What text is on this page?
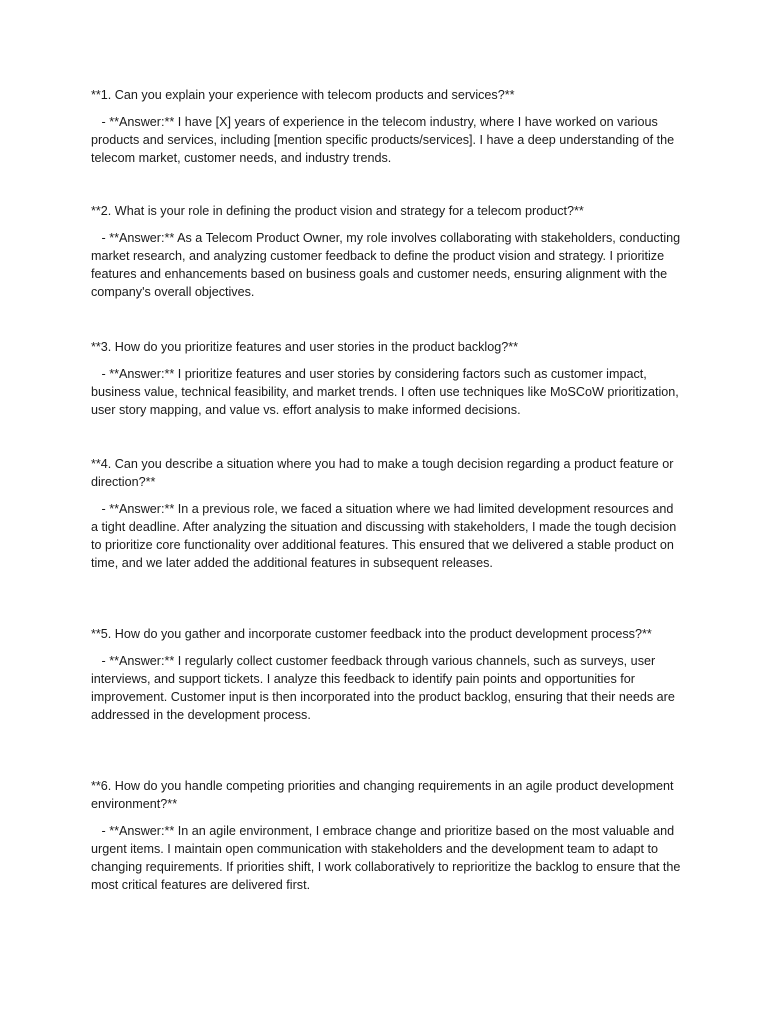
**1. Can you explain your experience with telecom products and services?**

- **Answer:** I have [X] years of experience in the telecom industry, where I have worked on various products and services, including [mention specific products/services]. I have a deep understanding of the telecom market, customer needs, and industry trends.

**2. What is your role in defining the product vision and strategy for a telecom product?**

- **Answer:** As a Telecom Product Owner, my role involves collaborating with stakeholders, conducting market research, and analyzing customer feedback to define the product vision and strategy. I prioritize features and enhancements based on business goals and customer needs, ensuring alignment with the company's overall objectives.

**3. How do you prioritize features and user stories in the product backlog?**

- **Answer:** I prioritize features and user stories by considering factors such as customer impact, business value, technical feasibility, and market trends. I often use techniques like MoSCoW prioritization, user story mapping, and value vs. effort analysis to make informed decisions.

**4. Can you describe a situation where you had to make a tough decision regarding a product feature or direction?**

- **Answer:** In a previous role, we faced a situation where we had limited development resources and a tight deadline. After analyzing the situation and discussing with stakeholders, I made the tough decision to prioritize core functionality over additional features. This ensured that we delivered a stable product on time, and we later added the additional features in subsequent releases.

**5. How do you gather and incorporate customer feedback into the product development process?**

- **Answer:** I regularly collect customer feedback through various channels, such as surveys, user interviews, and support tickets. I analyze this feedback to identify pain points and opportunities for improvement. Customer input is then incorporated into the product backlog, ensuring that their needs are addressed in the development process.

**6. How do you handle competing priorities and changing requirements in an agile product development environment?**

- **Answer:** In an agile environment, I embrace change and prioritize based on the most valuable and urgent items. I maintain open communication with stakeholders and the development team to adapt to changing requirements. If priorities shift, I work collaboratively to reprioritize the backlog to ensure that the most critical features are delivered first.
